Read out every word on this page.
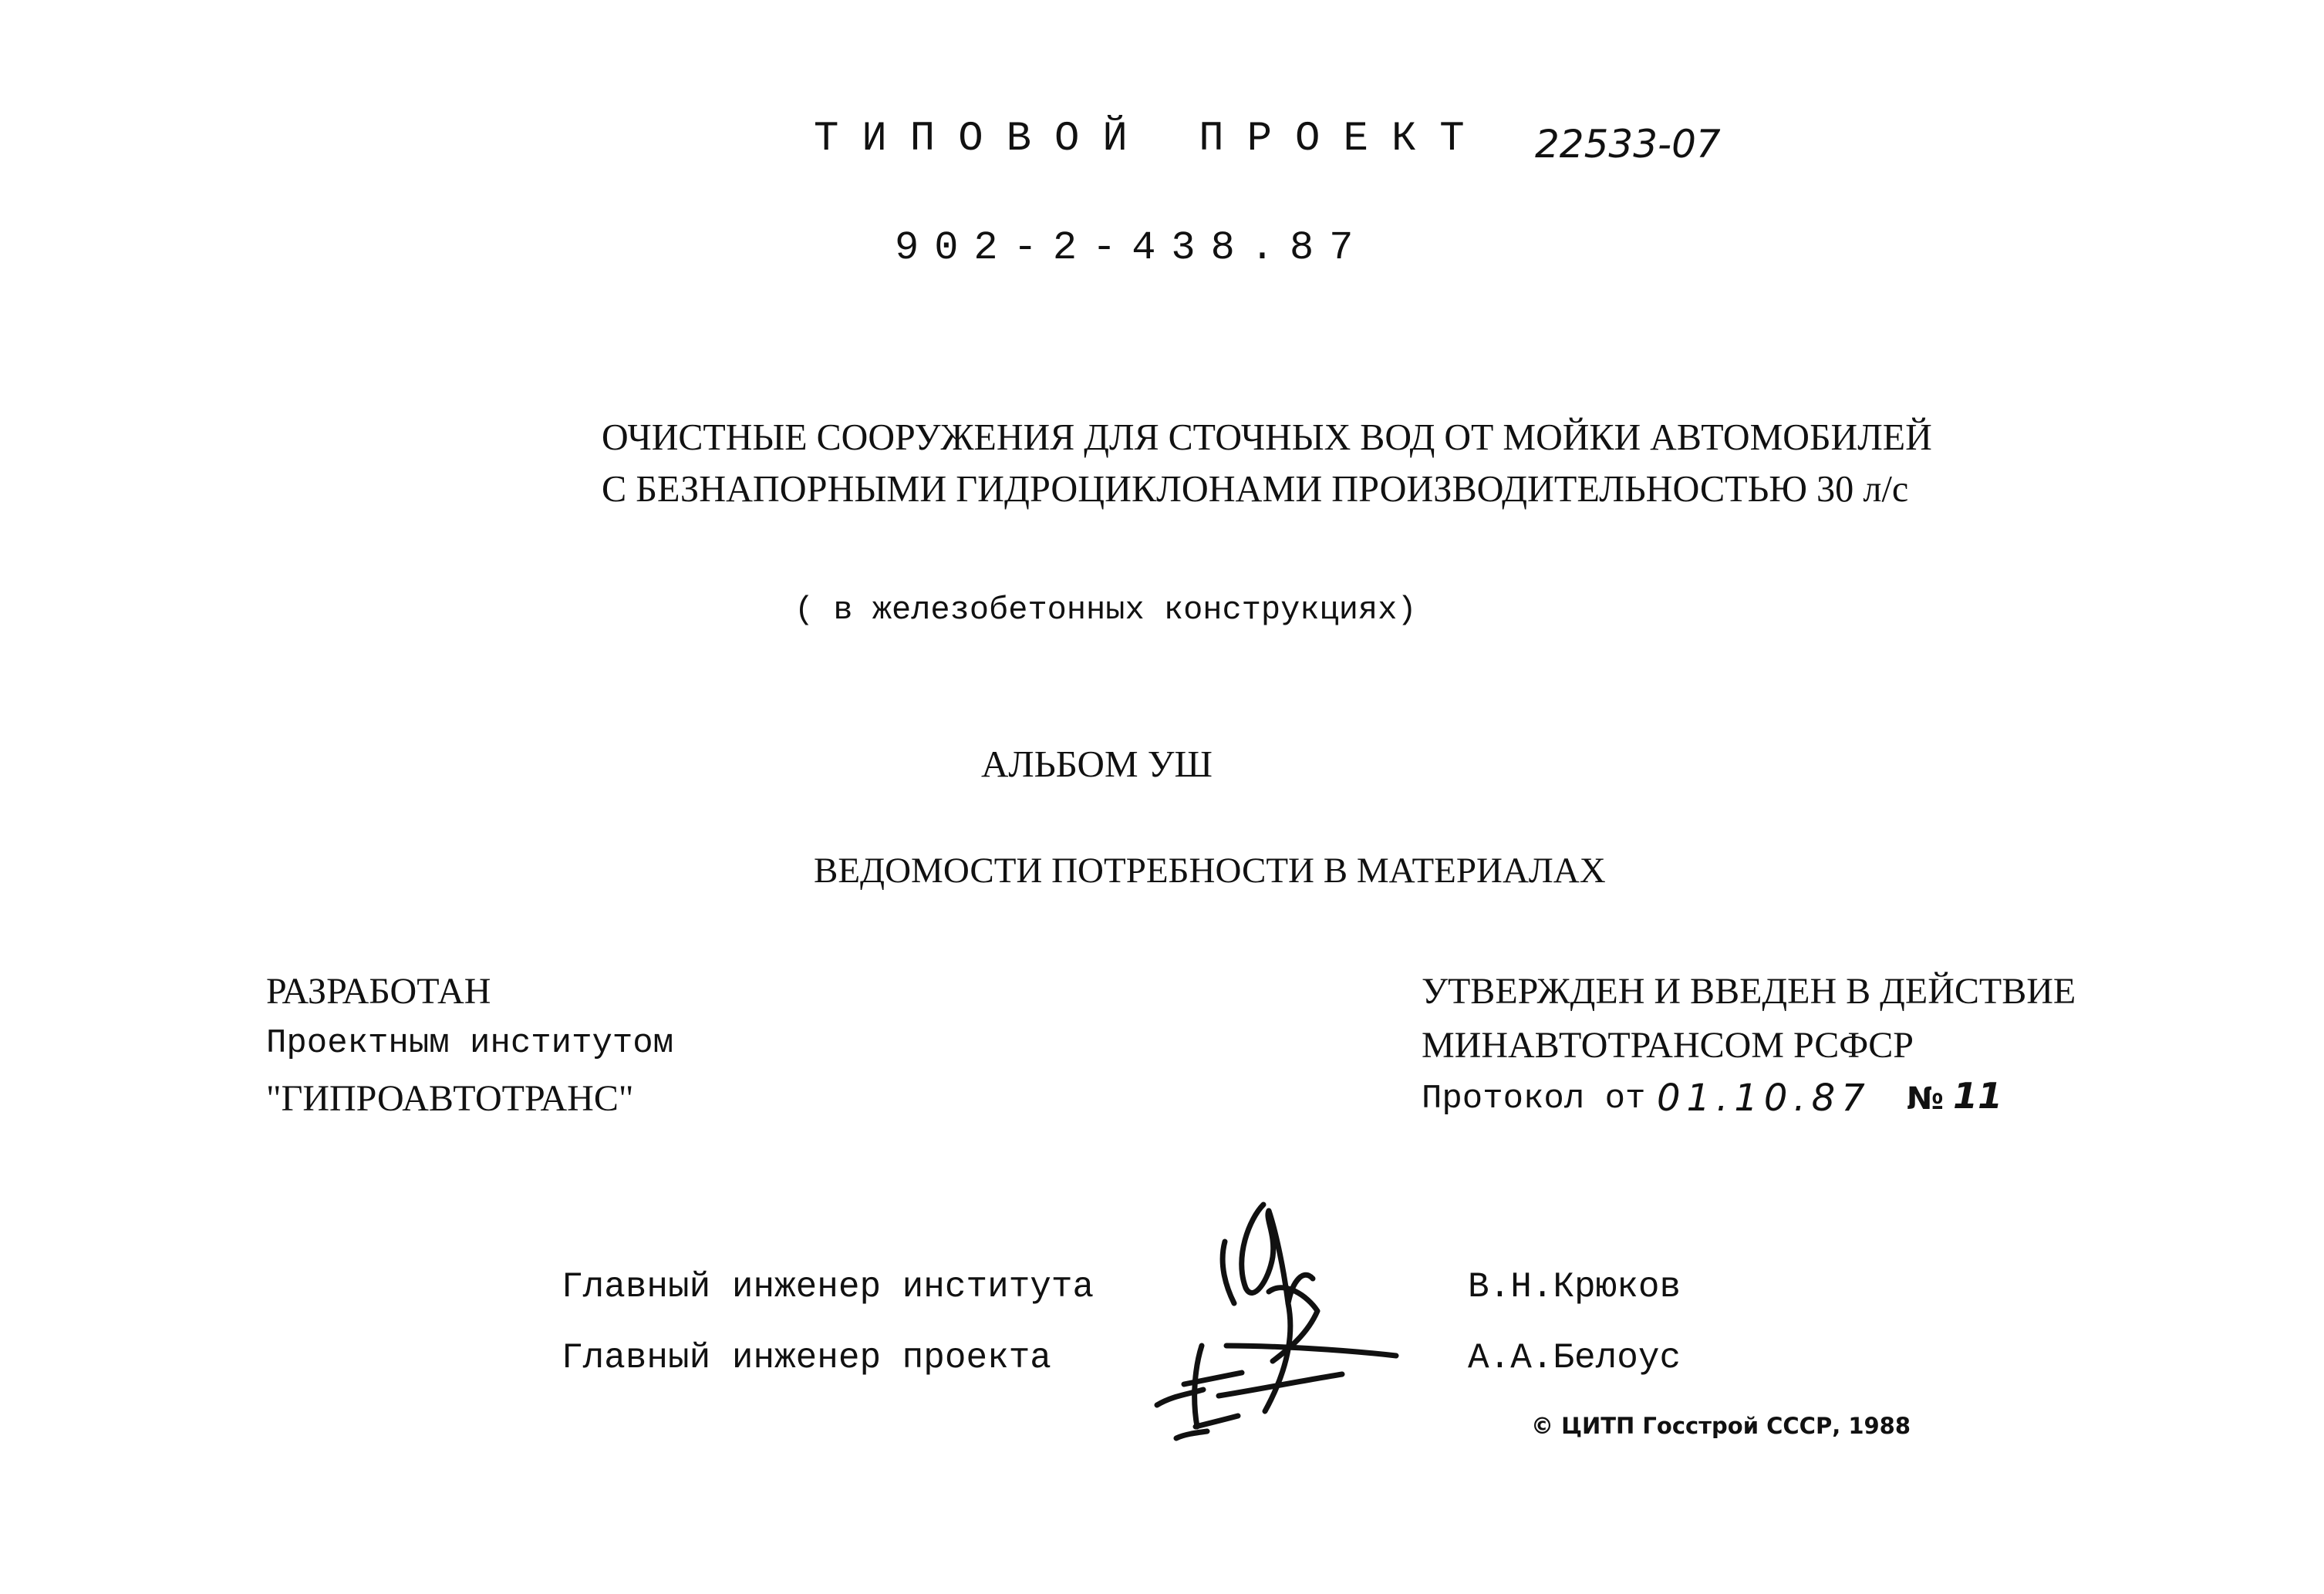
ТИПОВОЙ ПРОЕКТ 22533-07
902-2-438.87
ОЧИСТНЫЕ СООРУЖЕНИЯ ДЛЯ СТОЧНЫХ ВОД ОТ МОЙКИ АВТОМОБИЛЕЙ
С БЕЗНАПОРНЫМИ ГИДРОЦИКЛОНАМИ ПРОИЗВОДИТЕЛЬНОСТЬЮ 30 л/с
( в железобетонных конструкциях)
АЛЬБОМ УШ
ВЕДОМОСТИ ПОТРЕБНОСТИ В МАТЕРИАЛАХ
РАЗРАБОТАН
Проектным институтом
"ГИПРОАВТОТРАНС"
УТВЕРЖДЕН И ВВЕДЕН В ДЕЙСТВИЕ
МИНАВТОТРАНСОМ РСФСР
Протокол от 01.10.87 № 11
Главный инженер института
Главный инженер проекта
В.Н.Крюков
А.А.Белоус
© ЦИТП Госстрой СССР, 1988
